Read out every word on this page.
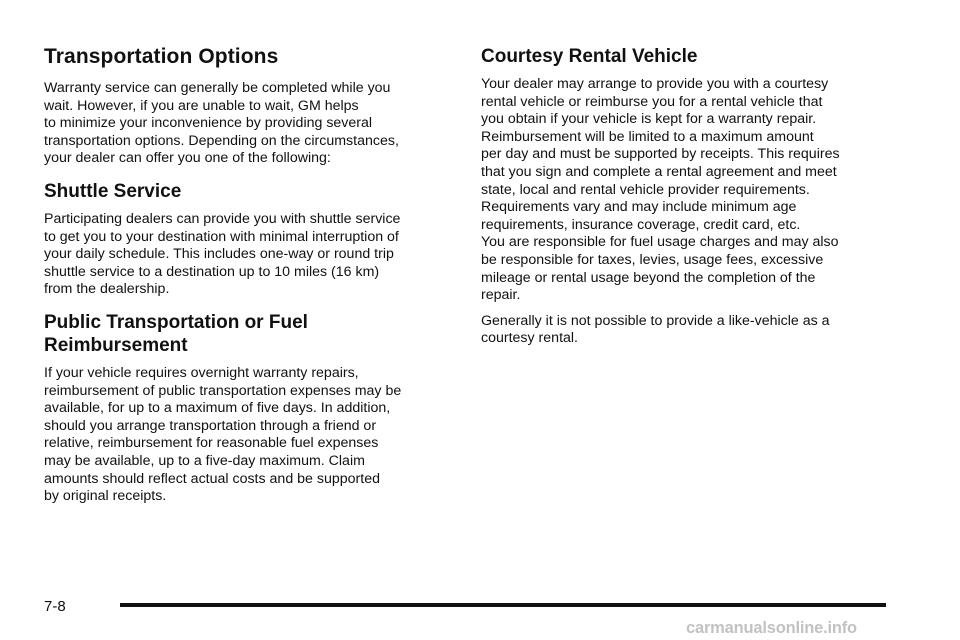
Transportation Options

Warranty service can generally be completed while you
wait. However, if you are unable to wait, GM helps
to minimize your inconvenience by providing several
transportation options. Depending on the circumstances,
your dealer can offer you one of the following:

Shuttle Service

Participating dealers can provide you with shuttle service
to get you to your destination with minimal interruption of
your daily schedule. This includes one-way or round trip
shuttle service to a destination up to 10 miles (16 km)
from the dealership.

Public Transportation or Fuel
Reimbursement

If your vehicle requires overnight warranty repairs,
reimbursement of public transportation expenses may be
available, for up to a maximum of five days. In addition,
should you arrange transportation through a friend or
relative, reimbursement for reasonable fuel expenses
may be available, up to a five-day maximum. Claim
amounts should reflect actual costs and be supported
by original receipts.

Courtesy Rental Vehicle

Your dealer may arrange to provide you with a courtesy
rental vehicle or reimburse you for a rental vehicle that
you obtain if your vehicle is kept for a warranty repair.
Reimbursement will be limited to a maximum amount
per day and must be supported by receipts. This requires
that you sign and complete a rental agreement and meet
state, local and rental vehicle provider requirements.
Requirements vary and may include minimum age
requirements, insurance coverage, credit card, etc.
You are responsible for fuel usage charges and may also
be responsible for taxes, levies, usage fees, excessive
mileage or rental usage beyond the completion of the
repair.

Generally it is not possible to provide a like-vehicle as a
courtesy rental.

7-8
carmanualsonline.info
